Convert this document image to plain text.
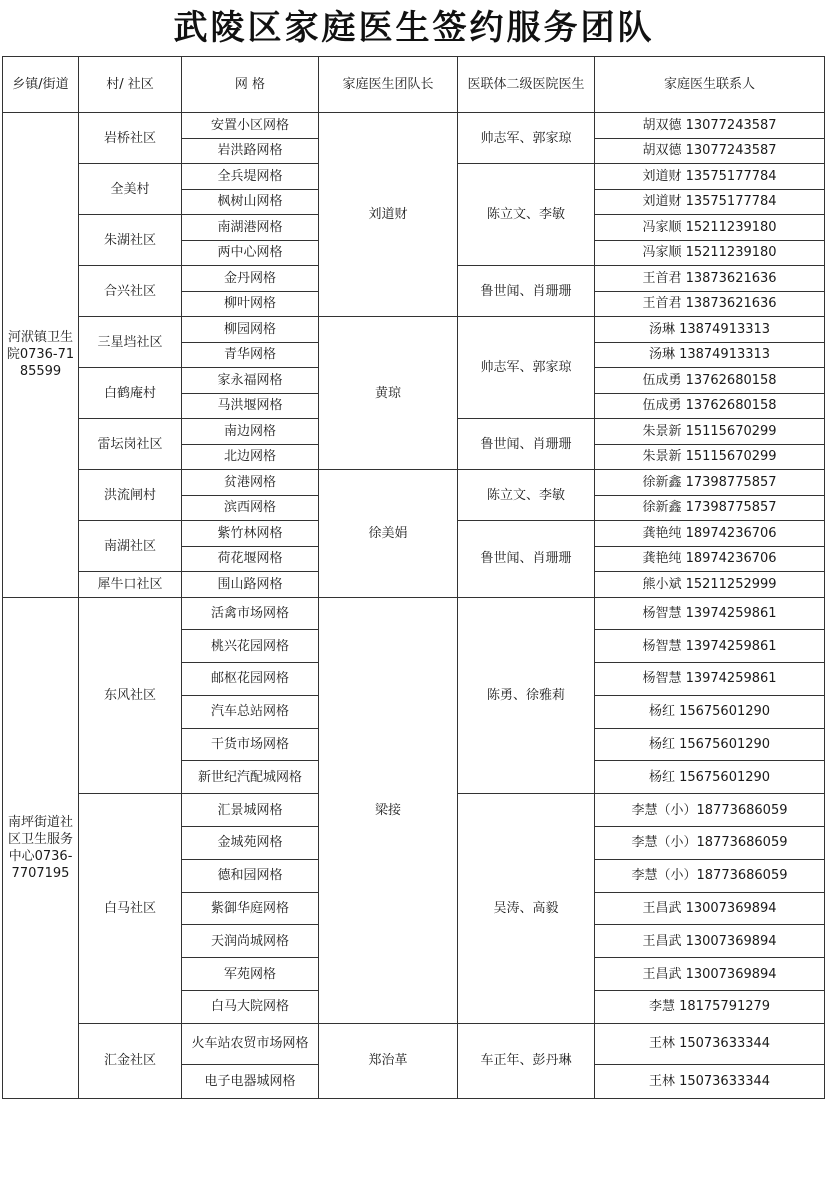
武陵区家庭医生签约服务团队
乡镇/街道	村/ 社区	网 格	家庭医生团队长	医联体二级医院医生	家庭医生联系人
河洑镇卫生院0736-7185599	岩桥社区	安置小区网格	刘道财	帅志军、郭家琼	胡双德 13077243587
		岩洪路网格			胡双德 13077243587
	全美村	全兵堤网格		陈立文、李敏	刘道财 13575177784
		枫树山网格			刘道财 13575177784
	朱湖社区	南湖港网格			冯家顺 15211239180
		两中心网格			冯家顺 15211239180
	合兴社区	金丹网格		鲁世闻、肖珊珊	王首君 13873621636
		柳叶网格			王首君 13873621636
	三星垱社区	柳园网格	黄琼	帅志军、郭家琼	汤琳 13874913313
		青华网格			汤琳 13874913313
	白鹤庵村	家永福网格			伍成勇 13762680158
		马洪堰网格			伍成勇 13762680158
	雷坛岗社区	南边网格		鲁世闻、肖珊珊	朱景新 15115670299
		北边网格			朱景新 15115670299
	洪流闸村	贫港网格	徐美娟	陈立文、李敏	徐新鑫 17398775857
		滨西网格			徐新鑫 17398775857
	南湖社区	紫竹林网格		鲁世闻、肖珊珊	龚艳纯 18974236706
		荷花堰网格			龚艳纯 18974236706
	犀牛口社区	围山路网格			熊小斌 15211252999
南坪街道社区卫生服务中心0736-7707195	东风社区	活禽市场网格	梁接	陈勇、徐雅莉	杨智慧 13974259861
		桃兴花园网格			杨智慧 13974259861
		邮枢花园网格			杨智慧 13974259861
		汽车总站网格			杨红 15675601290
		干货市场网格			杨红 15675601290
		新世纪汽配城网格			杨红 15675601290
	白马社区	汇景城网格		吴涛、高毅	李慧（小）18773686059
		金城苑网格			李慧（小）18773686059
		德和园网格			李慧（小）18773686059
		紫御华庭网格			王昌武 13007369894
		天润尚城网格			王昌武 13007369894
		军苑网格			王昌武 13007369894
		白马大院网格			李慧 18175791279
	汇金社区	火车站农贸市场网格	郑治革	车正年、彭丹琳	王林 15073633344
		电子电器城网格			王林 15073633344
